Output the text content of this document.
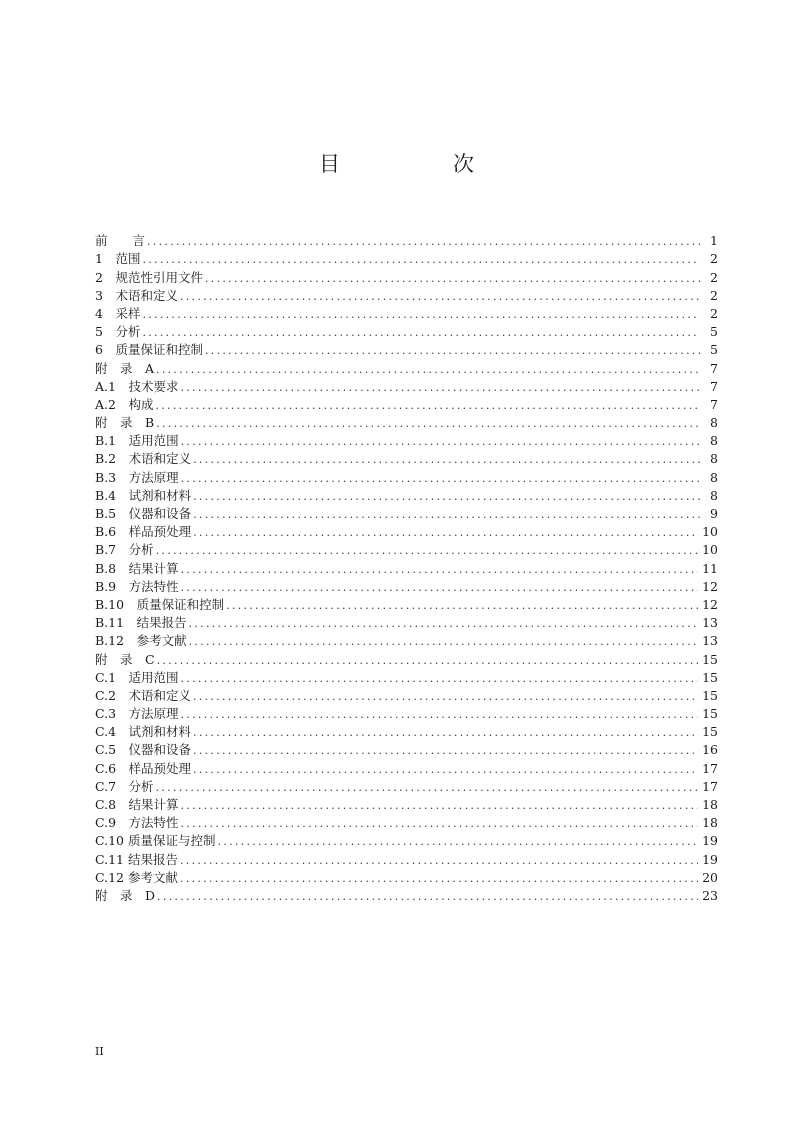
目　次
前　　言 .....	1
1　范围 .....	2
2　规范性引用文件 .....	2
3　术语和定义 .....	2
4　采样 .....	2
5　分析 .....	5
6　质量保证和控制 .....	5
附　录　A .....	7
A.1　技术要求 .....	7
A.2　构成 .....	7
附　录　B .....	8
B.1　适用范围 .....	8
B.2　术语和定义 .....	8
B.3　方法原理 .....	8
B.4　试剂和材料 .....	8
B.5　仪器和设备 .....	9
B.6　样品预处理 .....	10
B.7　分析 .....	10
B.8　结果计算 .....	11
B.9　方法特性 .....	12
B.10　质量保证和控制 .....	12
B.11　结果报告 .....	13
B.12　参考文献 .....	13
附　录　C .....	15
C.1　适用范围 .....	15
C.2　术语和定义 .....	15
C.3　方法原理 .....	15
C.4　试剂和材料 .....	15
C.5　仪器和设备 .....	16
C.6　样品预处理 .....	17
C.7　分析 .....	17
C.8　结果计算 .....	18
C.9　方法特性 .....	18
C.10 质量保证与控制 .....	19
C.11 结果报告 .....	19
C.12 参考文献 .....	20
附　录　D .....	23
II
